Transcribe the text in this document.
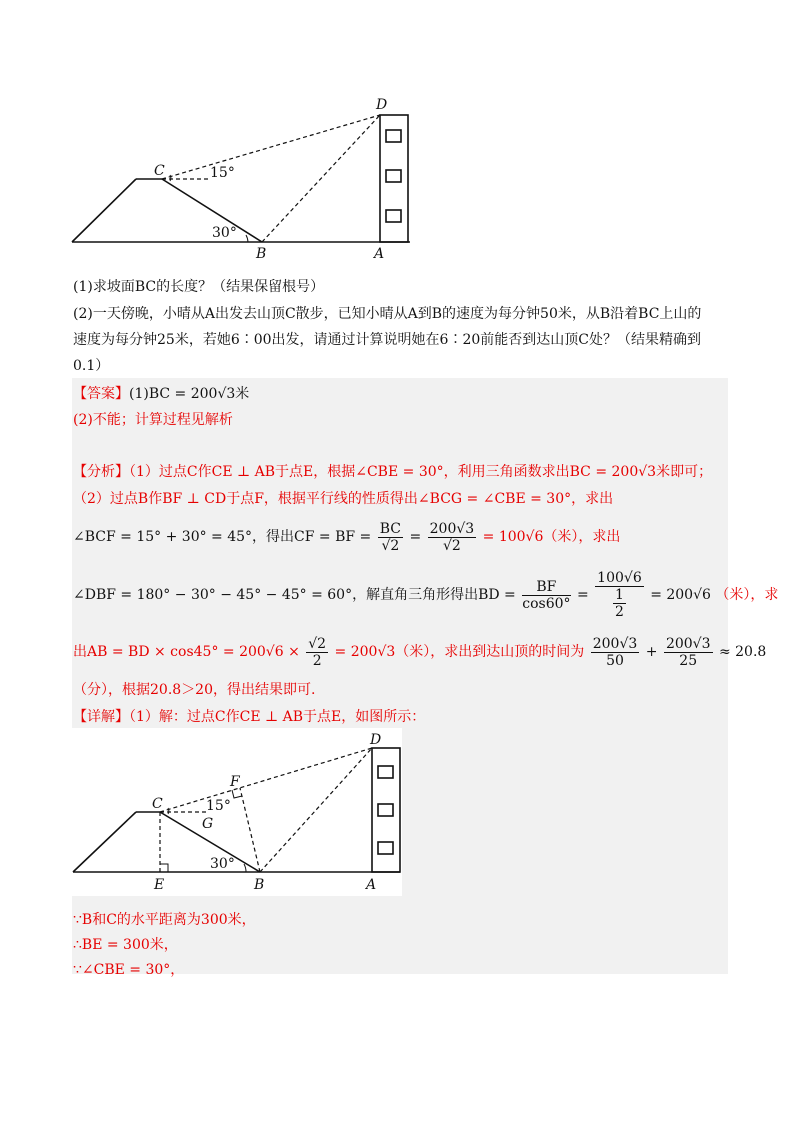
D
C	15°
30°
B	A
(1)求坡面BC的长度？（结果保留根号）
(2)一天傍晚，小晴从A出发去山顶C散步，已知小晴从A到B的速度为每分钟50米，从B沿着BC上山的
速度为每分钟25米，若她6∶00出发，请通过计算说明她在6∶20前能否到达山顶C处？（结果精确到
0.1）
【答案】(1)BC = 200√3米
(2)不能；计算过程见解析
【分析】（1）过点C作CE ⊥ AB于点E，根据∠CBE = 30°，利用三角函数求出BC = 200√3米即可；
（2）过点B作BF ⊥ CD于点F，根据平行线的性质得出∠BCG = ∠CBE = 30°，求出
∠BCF = 15° + 30° = 45°，得出CF = BF = $\frac{BC}{√2} = \frac{200√3}{√2} = 100√6$（米），求出
∠DBF = 180° − 30° − 45° − 45° = 60°，解直角三角形得出BD = $\frac{BF}{\cos 60^\circ} = \frac{100√6}{\frac{1}{2}} = 200√6$ （米），求
出AB = BD × $\cos 45^\circ = 200√6 \times \frac{√2}{2} = 200√3$（米），求出到达山顶的时间为 $\frac{200√3}{50} + \frac{200√3}{25} \approx 20.8$
（分），根据20.8＞20，得出结果即可.
【详解】（1）解：过点C作CE ⊥ AB于点E，如图所示：
D
F
C	15°
G
30°
E	B	A
∵B和C的水平距离为300米，
∴BE = 300米，
∵∠CBE = 30°，
